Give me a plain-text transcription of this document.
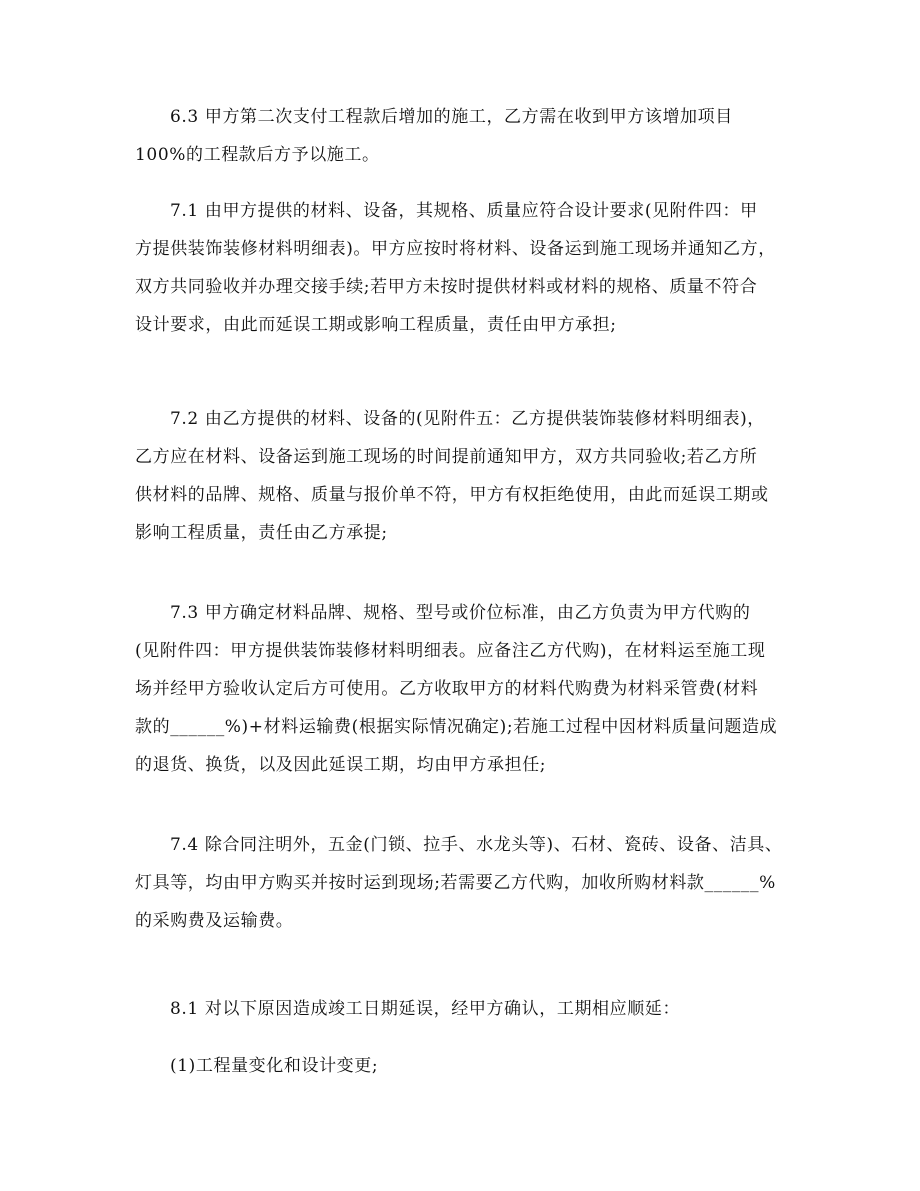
6.3 甲方第二次支付工程款后增加的施工，乙方需在收到甲方该增加项目
100%的工程款后方予以施工。
7.1 由甲方提供的材料、设备，其规格、质量应符合设计要求(见附件四：甲
方提供装饰装修材料明细表)。甲方应按时将材料、设备运到施工现场并通知乙方，
双方共同验收并办理交接手续;若甲方未按时提供材料或材料的规格、质量不符合
设计要求，由此而延误工期或影响工程质量，责任由甲方承担;
7.2 由乙方提供的材料、设备的(见附件五：乙方提供装饰装修材料明细表)，
乙方应在材料、设备运到施工现场的时间提前通知甲方，双方共同验收;若乙方所
供材料的品牌、规格、质量与报价单不符，甲方有权拒绝使用，由此而延误工期或
影响工程质量，责任由乙方承提;
7.3 甲方确定材料品牌、规格、型号或价位标准，由乙方负责为甲方代购的
(见附件四：甲方提供装饰装修材料明细表。应备注乙方代购)，在材料运至施工现
场并经甲方验收认定后方可使用。乙方收取甲方的材料代购费为材料采管费(材料
款的______%)+材料运输费(根据实际情况确定);若施工过程中因材料质量问题造成
的退货、换货，以及因此延误工期，均由甲方承担任;
7.4 除合同注明外，五金(门锁、拉手、水龙头等)、石材、瓷砖、设备、洁具、
灯具等，均由甲方购买并按时运到现场;若需要乙方代购，加收所购材料款______%
的采购费及运输费。
8.1 对以下原因造成竣工日期延误，经甲方确认，工期相应顺延：
(1)工程量变化和设计变更;
